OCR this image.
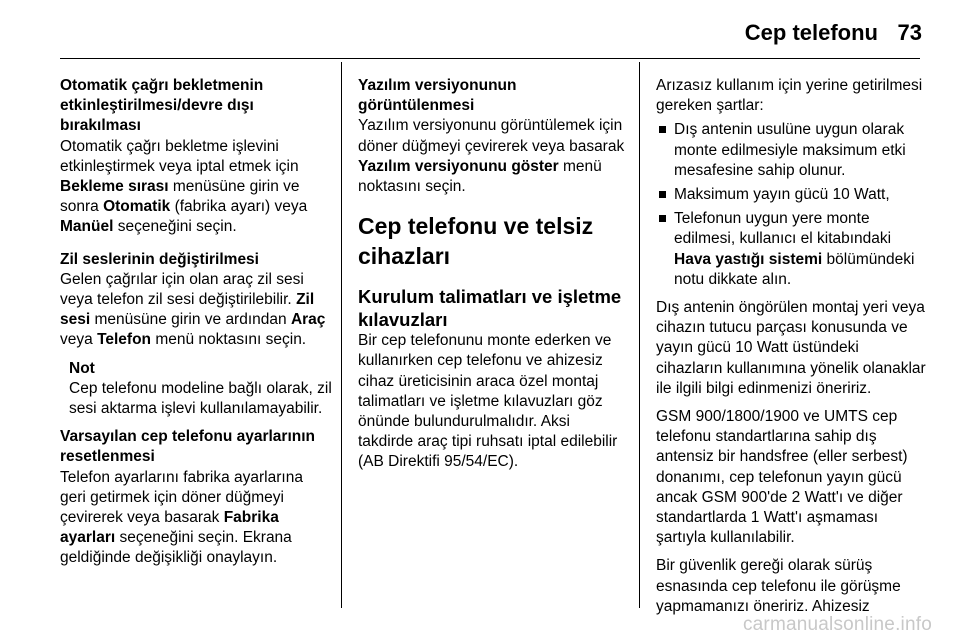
Cep telefonu 73

Otomatik çağrı bekletmenin etkinleştirilmesi/devre dışı bırakılması

Otomatik çağrı bekletme işlevini etkinleştirmek veya iptal etmek için Bekleme sırası menüsüne girin ve sonra Otomatik (fabrika ayarı) veya Manüel seçeneğini seçin.

Zil seslerinin değiştirilmesi

Gelen çağrılar için olan araç zil sesi veya telefon zil sesi değiştirilebilir. Zil sesi menüsüne girin ve ardından Araç veya Telefon menü noktasını seçin.

Not

Cep telefonu modeline bağlı olarak, zil sesi aktarma işlevi kullanılamayabilir.

Varsayılan cep telefonu ayarlarının resetlenmesi

Telefon ayarlarını fabrika ayarlarına geri getirmek için döner düğmeyi çevirerek veya basarak Fabrika ayarları seçeneğini seçin. Ekrana geldiğinde değişikliği onaylayın.

Yazılım versiyonunun görüntülenmesi

Yazılım versiyonunu görüntülemek için döner düğmeyi çevirerek veya basarak Yazılım versiyonunu göster menü noktasını seçin.

Cep telefonu ve telsiz cihazları
Kurulum talimatları ve işletme kılavuzları

Bir cep telefonunu monte ederken ve kullanırken cep telefonu ve ahizesiz cihaz üreticisinin araca özel montaj talimatları ve işletme kılavuzları göz önünde bulundurulmalıdır. Aksi takdirde araç tipi ruhsatı iptal edilebilir (AB Direktifi 95/54/EC).

Arızasız kullanım için yerine getirilmesi gereken şartlar:

Dış antenin usulüne uygun olarak monte edilmesiyle maksimum etki mesafesine sahip olunur.
Maksimum yayın gücü 10 Watt,
Telefonun uygun yere monte edilmesi, kullanıcı el kitabındaki Hava yastığı sistemi bölümündeki notu dikkate alın.

Dış antenin öngörülen montaj yeri veya cihazın tutucu parçası konusunda ve yayın gücü 10 Watt üstündeki cihazların kullanımına yönelik olanaklar ile ilgili bilgi edinmenizi öneririz.

GSM 900/1800/1900 ve UMTS cep telefonu standartlarına sahip dış antensiz bir handsfree (eller serbest) donanımı, cep telefonun yayın gücü ancak GSM 900'de 2 Watt'ı ve diğer standartlarda 1 Watt'ı aşmaması şartıyla kullanılabilir.

Bir güvenlik gereği olarak sürüş esnasında cep telefonu ile görüşme yapmamanızı öneririz. Ahizesiz

carmanualsonline.info
